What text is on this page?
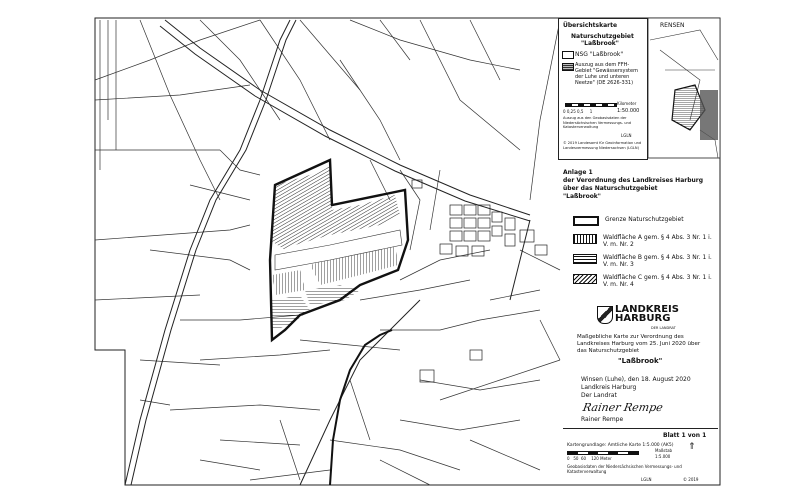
Übersichtskarte
Naturschutzgebiet
"Laßbrook"
NSG "Laßbrook"
Auszug aus dem FFH-Gebiet "Gewässersystem der Luhe und unteren Neetze" (DE 2626-331)
Kilometer
0 0,25 0,5 1	1:50.000
Auszug aus den Geobasisdaten der Niedersächsischen Vermessungs- und Katasterverwaltung
LGLN
© 2019 Landesamt für Geoinformation und Landesvermessung Niedersachsen (LGLN)
RENSEN
Anlage 1
der Verordnung des Landkreises Harburg
über das Naturschutzgebiet
"Laßbrook"
Grenze Naturschutzgebiet
Waldfläche A gem. § 4 Abs. 3 Nr. 1 i. V. m. Nr. 2
Waldfläche B gem. § 4 Abs. 3 Nr. 1 i. V. m. Nr. 3
Waldfläche C gem. § 4 Abs. 3 Nr. 1 i. V. m. Nr. 4
LANDKREIS
HARBURG
DER LANDRAT
Maßgebliche Karte zur Verordnung des Landkreises Harburg vom 25. Juni 2020 über das Naturschutzgebiet
"Laßbrook"
Winsen (Luhe), den 18. August 2020
Landkreis Harburg
Der Landrat
Rainer Rempe
Rainer Rempe
Blatt 1 von 1
Kartengrundlage: Amtliche Karte 1:5.000 (AK5)
0 50 60 120 Meter
Maßstab
1:5.000
⇑
Geobasisdaten der Niedersächsischen Vermessungs- und Katasterverwaltung
LGLN	© 2019
